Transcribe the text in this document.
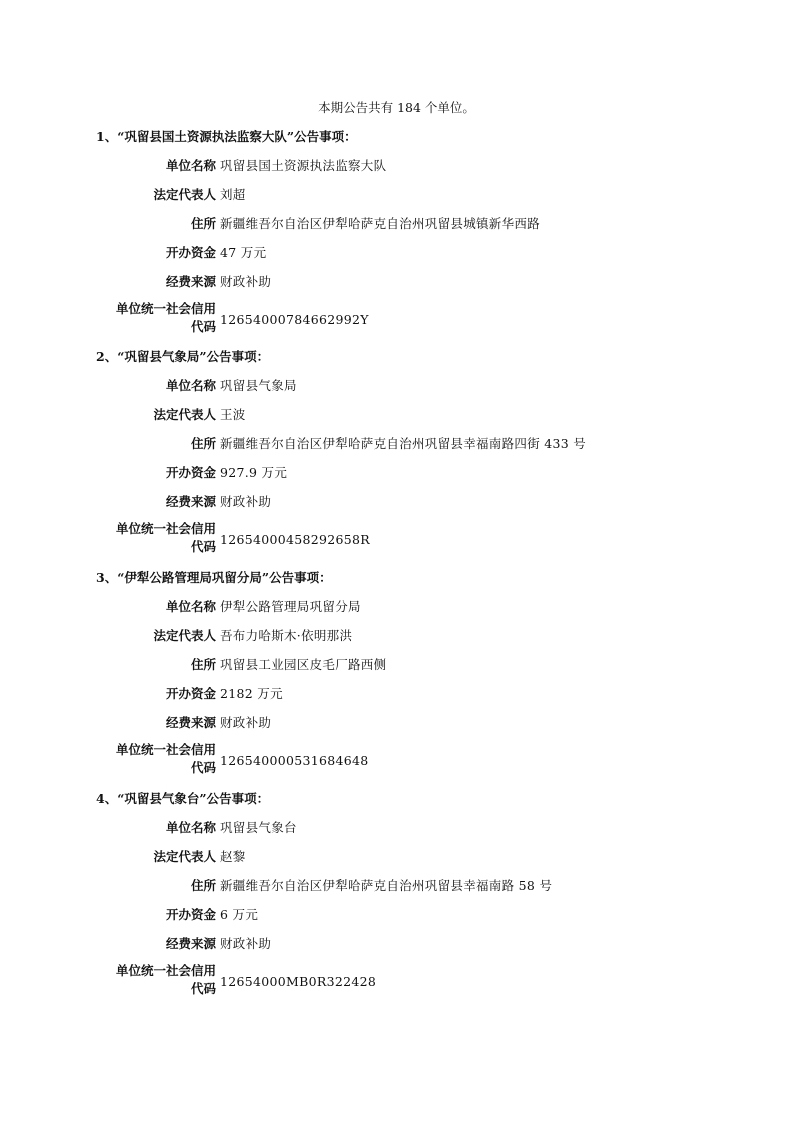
本期公告共有 184 个单位。
1、“巩留县国土资源执法监察大队”公告事项：
单位名称 巩留县国土资源执法监察大队
法定代表人 刘超
住所 新疆维吾尔自治区伊犁哈萨克自治州巩留县城镇新华西路
开办资金 47 万元
经费来源 财政补助
单位统一社会信用
代码 12654000784662992Y
2、“巩留县气象局”公告事项：
单位名称 巩留县气象局
法定代表人 王波
住所 新疆维吾尔自治区伊犁哈萨克自治州巩留县幸福南路四街 433 号
开办资金 927.9 万元
经费来源 财政补助
单位统一社会信用
代码 12654000458292658R
3、“伊犁公路管理局巩留分局”公告事项：
单位名称 伊犁公路管理局巩留分局
法定代表人 吾布力哈斯木·依明那洪
住所 巩留县工业园区皮毛厂路西侧
开办资金 2182 万元
经费来源 财政补助
单位统一社会信用
代码 126540000531684648
4、“巩留县气象台”公告事项：
单位名称 巩留县气象台
法定代表人 赵黎
住所 新疆维吾尔自治区伊犁哈萨克自治州巩留县幸福南路 58 号
开办资金 6 万元
经费来源 财政补助
单位统一社会信用
代码 12654000MB0R322428
